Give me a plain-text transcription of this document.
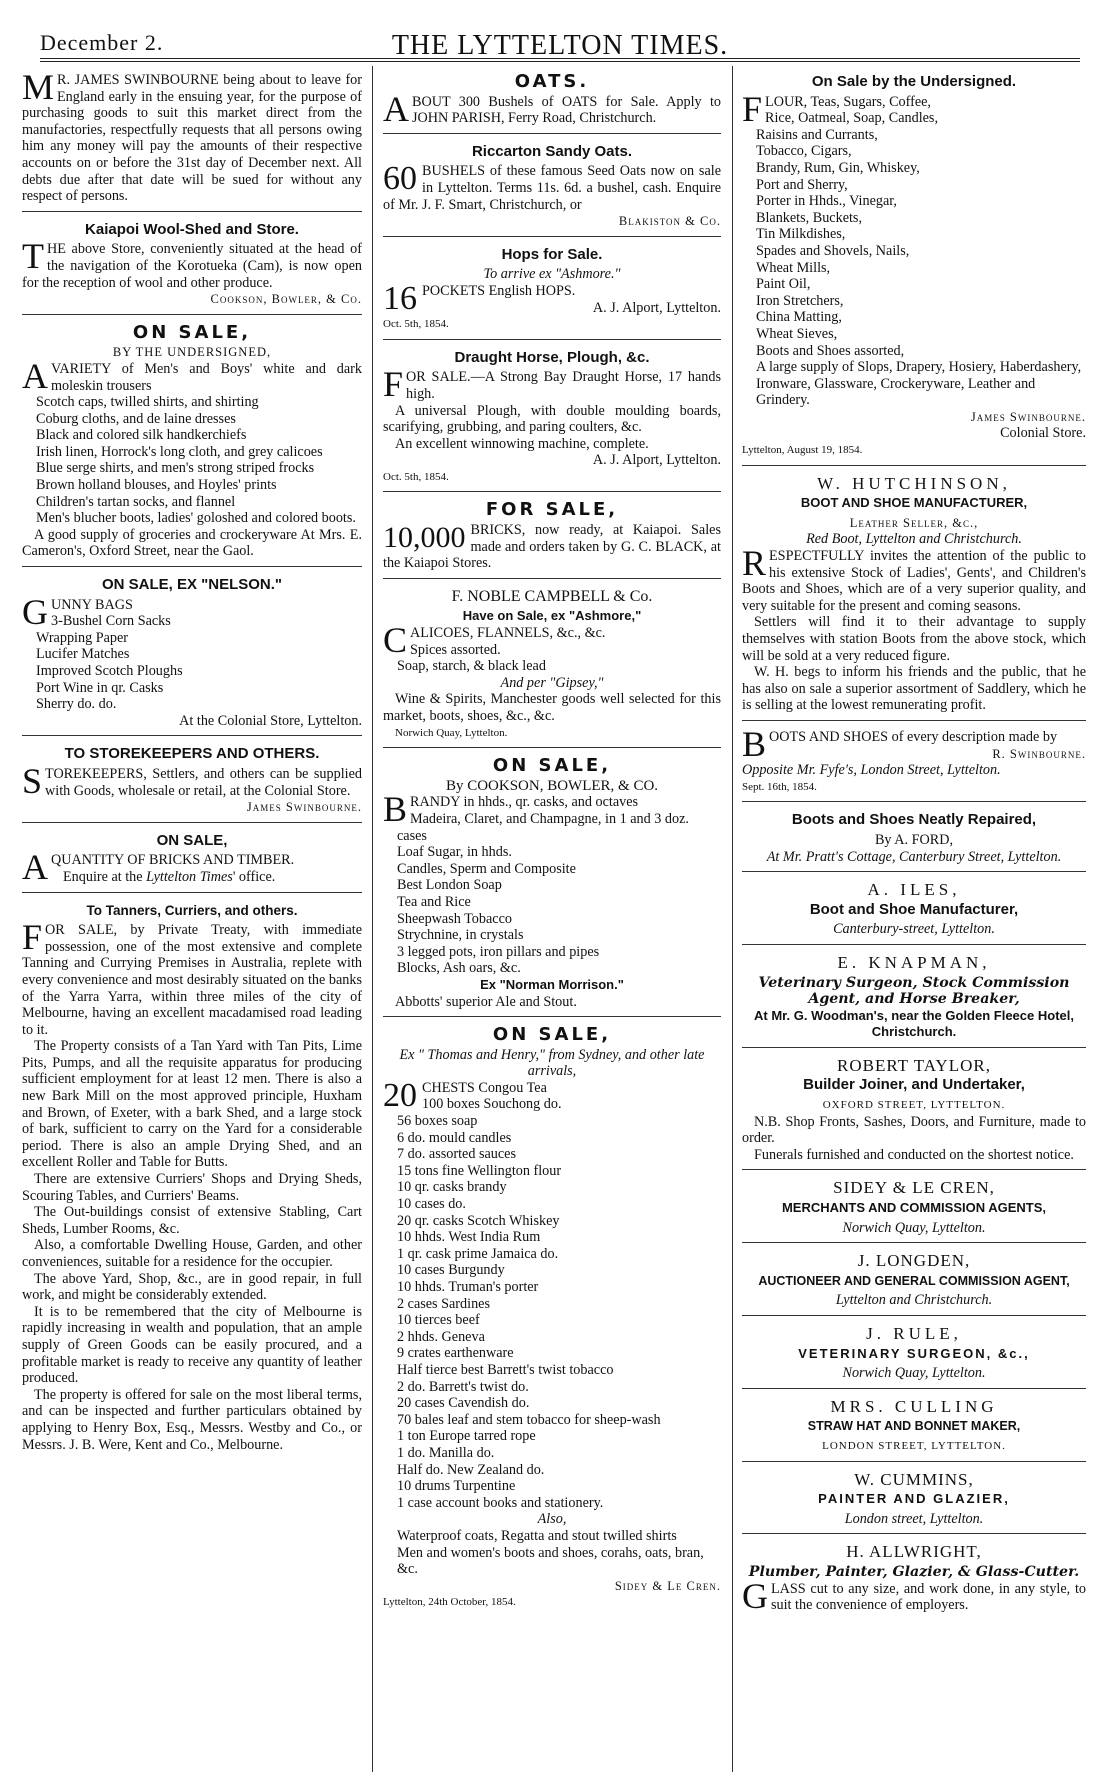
December 2.	THE LYTTELTON TIMES.

MR. JAMES SWINBOURNE being about to leave for England early in the ensuing year, for the purpose of purchasing goods to suit this market direct from the manufactories, respectfully requests that all persons owing him any money will pay the amounts of their respective accounts on or before the 31st day of December next. All debts due after that date will be sued for without any respect of persons.

Kaiapoi Wool-Shed and Store.

THE above Store, conveniently situated at the head of the navigation of the Korotueka (Cam), is now open for the reception of wool and other produce.

Cookson, Bowler, & Co.
ON SALE,
BY THE UNDERSIGNED,

AVARIETY of Men's and Boys' white and dark moleskin trousers

Scotch caps, twilled shirts, and shirting
Coburg cloths, and de laine dresses
Black and colored silk handkerchiefs
Irish linen, Horrock's long cloth, and grey calicoes
Blue serge shirts, and men's strong striped frocks
Brown holland blouses, and Hoyles' prints
Children's tartan socks, and flannel
Men's blucher boots, ladies' goloshed and colored boots.

A good supply of groceries and crockeryware At Mrs. E. Cameron's, Oxford Street, near the Gaol.

ON SALE, EX "NELSON."
GUNNY BAGS
3-Bushel Corn Sacks
Wrapping Paper
Lucifer Matches
Improved Scotch Ploughs
Port Wine in qr. Casks
Sherry do. do.
At the Colonial Store, Lyttelton.
TO STOREKEEPERS AND OTHERS.

STOREKEEPERS, Settlers, and others can be supplied with Goods, wholesale or retail, at the Colonial Store.

James Swinbourne.
ON SALE,

AQUANTITY OF BRICKS AND TIMBER.

Enquire at the Lyttelton Times' office.
To Tanners, Curriers, and others.

FOR SALE, by Private Treaty, with immediate possession, one of the most extensive and complete Tanning and Currying Premises in Australia, replete with every convenience and most desirably situated on the banks of the Yarra Yarra, within three miles of the city of Melbourne, having an excellent macadamised road leading to it.

The Property consists of a Tan Yard with Tan Pits, Lime Pits, Pumps, and all the requisite apparatus for producing sufficient employment for at least 12 men. There is also a new Bark Mill on the most approved principle, Huxham and Brown, of Exeter, with a bark Shed, and a large stock of bark, sufficient to carry on the Yard for a considerable period. There is also an ample Drying Shed, and an excellent Roller and Table for Butts.

There are extensive Curriers' Shops and Drying Sheds, Scouring Tables, and Curriers' Beams.

The Out-buildings consist of extensive Stabling, Cart Sheds, Lumber Rooms, &c.

Also, a comfortable Dwelling House, Garden, and other conveniences, suitable for a residence for the occupier.

The above Yard, Shop, &c., are in good repair, in full work, and might be considerably extended.

It is to be remembered that the city of Melbourne is rapidly increasing in wealth and population, that an ample supply of Green Goods can be easily procured, and a profitable market is ready to receive any quantity of leather produced.

The property is offered for sale on the most liberal terms, and can be inspected and further particulars obtained by applying to Henry Box, Esq., Messrs. Westby and Co., or Messrs. J. B. Were, Kent and Co., Melbourne.

OATS.

ABOUT 300 Bushels of OATS for Sale. Apply to JOHN PARISH, Ferry Road, Christchurch.

Riccarton Sandy Oats.

60 BUSHELS of these famous Seed Oats now on sale in Lyttelton. Terms 11s. 6d. a bushel, cash. Enquire of Mr. J. F. Smart, Christchurch, or

Blakiston & Co.
Hops for Sale.
To arrive ex "Ashmore."

16 POCKETS English HOPS.

A. J. Alport, Lyttelton.
Oct. 5th, 1854.
Draught Horse, Plough, &c.

FOR SALE.—A Strong Bay Draught Horse, 17 hands high.

A universal Plough, with double moulding boards, scarifying, grubbing, and paring coulters, &c.

An excellent winnowing machine, complete.

A. J. Alport, Lyttelton.
Oct. 5th, 1854.
FOR SALE,

10,000 BRICKS, now ready, at Kaiapoi. Sales made and orders taken by G. C. BLACK, at the Kaiapoi Stores.

F. NOBLE CAMPBELL & Co.
Have on Sale, ex "Ashmore,"

CALICOES, FLANNELS, &c., &c.

Spices assorted.
Soap, starch, & black lead
And per "Gipsey,"

Wine & Spirits, Manchester goods well selected for this market, boots, shoes, &c., &c.

Norwich Quay, Lyttelton.
ON SALE,
By COOKSON, BOWLER, & CO.

BRANDY in hhds., qr. casks, and octaves

Madeira, Claret, and Champagne, in 1 and 3 doz. cases
Loaf Sugar, in hhds.
Candles, Sperm and Composite
Best London Soap
Tea and Rice
Sheepwash Tobacco
Strychnine, in crystals
3 legged pots, iron pillars and pipes
Blocks, Ash oars, &c.
Ex "Norman Morrison."
Abbotts' superior Ale and Stout.
ON SALE,
Ex " Thomas and Henry," from Sydney, and other late arrivals,
20 CHESTS Congou Tea
100 boxes Souchong do.
56 boxes soap
6 do. mould candles
7 do. assorted sauces
15 tons fine Wellington flour
10 qr. casks brandy
10 cases do.
20 qr. casks Scotch Whiskey
10 hhds. West India Rum
1 qr. cask prime Jamaica do.
10 cases Burgundy
10 hhds. Truman's porter
2 cases Sardines
10 tierces beef
2 hhds. Geneva
9 crates earthenware
Half tierce best Barrett's twist tobacco
2 do. Barrett's twist do.
20 cases Cavendish do.
70 bales leaf and stem tobacco for sheep-wash
1 ton Europe tarred rope
1 do. Manilla do.
Half do. New Zealand do.
10 drums Turpentine
1 case account books and stationery.
Also,
Waterproof coats, Regatta and stout twilled shirts
Men and women's boots and shoes, corahs, oats, bran, &c.
Sidey & Le Cren.
Lyttelton, 24th October, 1854.
On Sale by the Undersigned.
FLOUR, Teas, Sugars, Coffee,
Rice, Oatmeal, Soap, Candles,
Raisins and Currants,
Tobacco, Cigars,
Brandy, Rum, Gin, Whiskey,
Port and Sherry,
Porter in Hhds., Vinegar,
Blankets, Buckets,
Tin Milkdishes,
Spades and Shovels, Nails,
Wheat Mills,
Paint Oil,
Iron Stretchers,
China Matting,
Wheat Sieves,
Boots and Shoes assorted,
A large supply of Slops, Drapery, Hosiery, Haberdashery, Ironware, Glassware, Crockeryware, Leather and Grindery.
James Swinbourne.
Colonial Store.
Lyttelton, August 19, 1854.
W. HUTCHINSON,
BOOT AND SHOE MANUFACTURER,
Leather Seller, &c.,
Red Boot, Lyttelton and Christchurch.

RESPECTFULLY invites the attention of the public to his extensive Stock of Ladies', Gents', and Children's Boots and Shoes, which are of a very superior quality, and very suitable for the present and coming seasons.

Settlers will find it to their advantage to supply themselves with station Boots from the above stock, which will be sold at a very reduced figure.

W. H. begs to inform his friends and the public, that he has also on sale a superior assortment of Saddlery, which he is selling at the lowest remunerating profit.

BOOTS AND SHOES of every description made by

R. Swinbourne.
Opposite Mr. Fyfe's, London Street, Lyttelton.
Sept. 16th, 1854.
Boots and Shoes Neatly Repaired,
By A. FORD,
At Mr. Pratt's Cottage, Canterbury Street, Lyttelton.
A. ILES,
Boot and Shoe Manufacturer,
Canterbury-street, Lyttelton.
E. KNAPMAN,
Veterinary Surgeon, Stock Commission Agent, and Horse Breaker,
At Mr. G. Woodman's, near the Golden Fleece Hotel, Christchurch.
ROBERT TAYLOR,
Builder Joiner, and Undertaker,
OXFORD STREET, LYTTELTON.

N.B. Shop Fronts, Sashes, Doors, and Furniture, made to order.

Funerals furnished and conducted on the shortest notice.

SIDEY & LE CREN,
MERCHANTS AND COMMISSION AGENTS,
Norwich Quay, Lyttelton.
J. LONGDEN,
AUCTIONEER AND GENERAL COMMISSION AGENT,
Lyttelton and Christchurch.
J. RULE,
VETERINARY SURGEON, &c.,
Norwich Quay, Lyttelton.
MRS. CULLING
STRAW HAT AND BONNET MAKER,
LONDON STREET, LYTTELTON.
W. CUMMINS,
PAINTER AND GLAZIER,
London street, Lyttelton.
H. ALLWRIGHT,
Plumber, Painter, Glazier, & Glass-Cutter.

GLASS cut to any size, and work done, in any style, to suit the convenience of employers.
